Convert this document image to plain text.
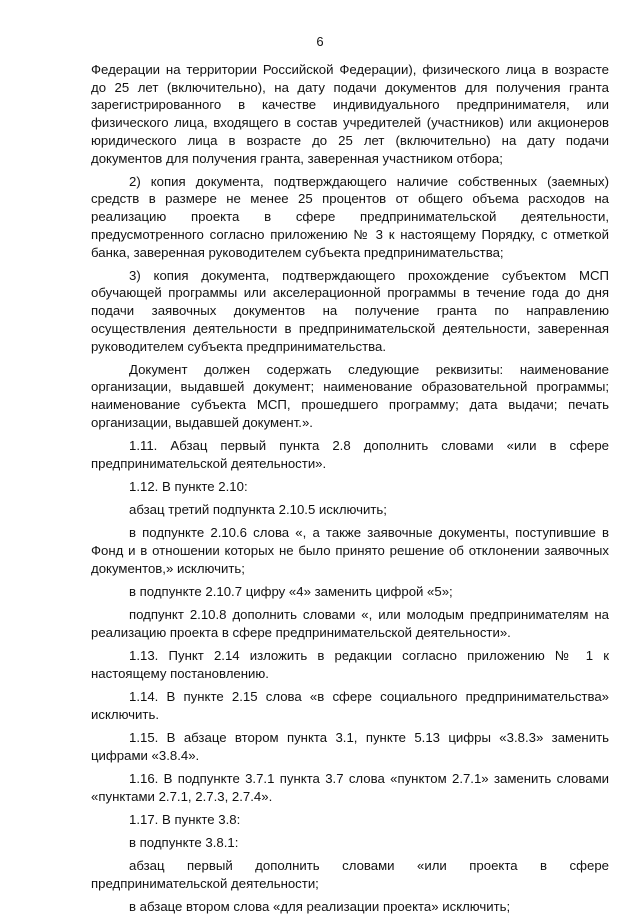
6

Федерации на территории Российской Федерации), физического лица в возрасте до 25 лет (включительно), на дату подачи документов для получения гранта зарегистрированного в качестве индивидуального предпринимателя, или физического лица, входящего в состав учредителей (участников) или акционеров юридического лица в возрасте до 25 лет (включительно) на дату подачи документов для получения гранта, заверенная участником отбора;

2) копия документа, подтверждающего наличие собственных (заемных) средств в размере не менее 25 процентов от общего объема расходов на реализацию проекта в сфере предпринимательской деятельности, предусмотренного согласно приложению № 3 к настоящему Порядку, с отметкой банка, заверенная руководителем субъекта предпринимательства;

3) копия документа, подтверждающего прохождение субъектом МСП обучающей программы или акселерационной программы в течение года до дня подачи заявочных документов на получение гранта по направлению осуществления деятельности в предпринимательской деятельности, заверенная руководителем субъекта предпринимательства.

Документ должен содержать следующие реквизиты: наименование организации, выдавшей документ; наименование образовательной программы; наименование субъекта МСП, прошедшего программу; дата выдачи; печать организации, выдавшей документ.».

1.11. Абзац первый пункта 2.8 дополнить словами «или в сфере предпринимательской деятельности».

1.12. В пункте 2.10:

абзац третий подпункта 2.10.5 исключить;

в подпункте 2.10.6 слова «, а также заявочные документы, поступившие в Фонд и в отношении которых не было принято решение об отклонении заявочных документов,» исключить;

в подпункте 2.10.7 цифру «4» заменить цифрой «5»;

подпункт 2.10.8 дополнить словами «, или молодым предпринимателям на реализацию проекта в сфере предпринимательской деятельности».

1.13. Пункт 2.14 изложить в редакции согласно приложению № 1 к настоящему постановлению.

1.14. В пункте 2.15 слова «в сфере социального предпринимательства» исключить.

1.15. В абзаце втором пункта 3.1, пункте 5.13 цифры «3.8.3» заменить цифрами «3.8.4».

1.16. В подпункте 3.7.1 пункта 3.7 слова «пунктом 2.7.1» заменить словами «пунктами 2.7.1, 2.7.3, 2.7.4».

1.17. В пункте 3.8:

в подпункте 3.8.1:

абзац первый дополнить словами «или проекта в сфере предпринимательской деятельности;

в абзаце втором слова «для реализации проекта» исключить;
